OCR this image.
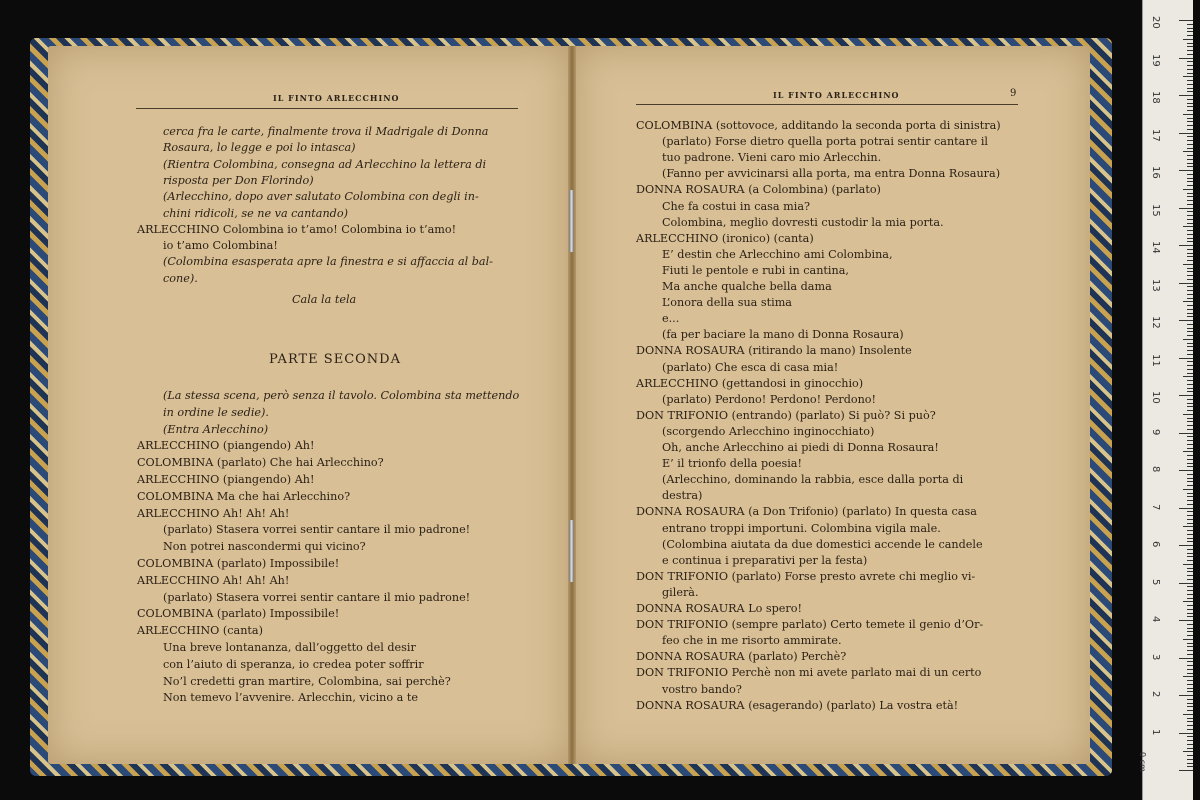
IL FINTO ARLECCHINO	IL FINTO ARLECCHINO	9
cerca fra le carte, finalmente trova il Madrigale di Donna
Rosaura, lo legge e poi lo intasca)
(Rientra Colombina, consegna ad Arlecchino la lettera di
risposta per Don Florindo)
(Arlecchino, dopo aver salutato Colombina con degli in-
chini ridicoli, se ne va cantando)
ARLECCHINO Colombina io t’amo! Colombina io t’amo!
io t’amo Colombina!
(Colombina esasperata apre la finestra e si affaccia al bal-
cone).
Cala la tela
PARTE SECONDA
(La stessa scena, però senza il tavolo. Colombina sta mettendo
in ordine le sedie).
(Entra Arlecchino)
ARLECCHINO (piangendo) Ah!
COLOMBINA (parlato) Che hai Arlecchino?
ARLECCHINO (piangendo) Ah!
COLOMBINA Ma che hai Arlecchino?
ARLECCHINO Ah! Ah! Ah!
(parlato) Stasera vorrei sentir cantare il mio padrone!
Non potrei nascondermi qui vicino?
COLOMBINA (parlato) Impossibile!
ARLECCHINO Ah! Ah! Ah!
(parlato) Stasera vorrei sentir cantare il mio padrone!
COLOMBINA (parlato) Impossibile!
ARLECCHINO (canta)
Una breve lontananza, dall’oggetto del desir
con l’aiuto di speranza, io credea poter soffrir
No’l credetti gran martire, Colombina, sai perchè?
Non temevo l’avvenire. Arlecchin, vicino a te
COLOMBINA (sottovoce, additando la seconda porta di sinistra)
(parlato) Forse dietro quella porta potrai sentir cantare il
tuo padrone. Vieni caro mio Arlecchin.
(Fanno per avvicinarsi alla porta, ma entra Donna Rosaura)
DONNA ROSAURA (a Colombina) (parlato)
Che fa costui in casa mia?
Colombina, meglio dovresti custodir la mia porta.
ARLECCHINO (ironico) (canta)
E’ destin che Arlecchino ami Colombina,
Fiuti le pentole e rubi in cantina,
Ma anche qualche bella dama
L’onora della sua stima
e...
(fa per baciare la mano di Donna Rosaura)
DONNA ROSAURA (ritirando la mano) Insolente
(parlato) Che esca di casa mia!
ARLECCHINO (gettandosi in ginocchio)
(parlato) Perdono! Perdono! Perdono!
DON TRIFONIO (entrando) (parlato) Si può? Si può?
(scorgendo Arlecchino inginocchiato)
Oh, anche Arlecchino ai piedi di Donna Rosaura!
E’ il trionfo della poesia!
(Arlecchino, dominando la rabbia, esce dalla porta di
destra)
DONNA ROSAURA (a Don Trifonio) (parlato) In questa casa
entrano troppi importuni. Colombina vigila male.
(Colombina aiutata da due domestici accende le candele
e continua i preparativi per la festa)
DON TRIFONIO (parlato) Forse presto avrete chi meglio vi-
gilerà.
DONNA ROSAURA Lo spero!
DON TRIFONIO (sempre parlato) Certo temete il genio d’Or-
feo che in me risorto ammirate.
DONNA ROSAURA (parlato) Perchè?
DON TRIFONIO Perchè non mi avete parlato mai di un certo
vostro bando?
DONNA ROSAURA (esagerando) (parlato) La vostra età!
0 cm
20
19
18
17
16
15
14
13
12
11
10
9
8
7
6
5
4
3
2
1
